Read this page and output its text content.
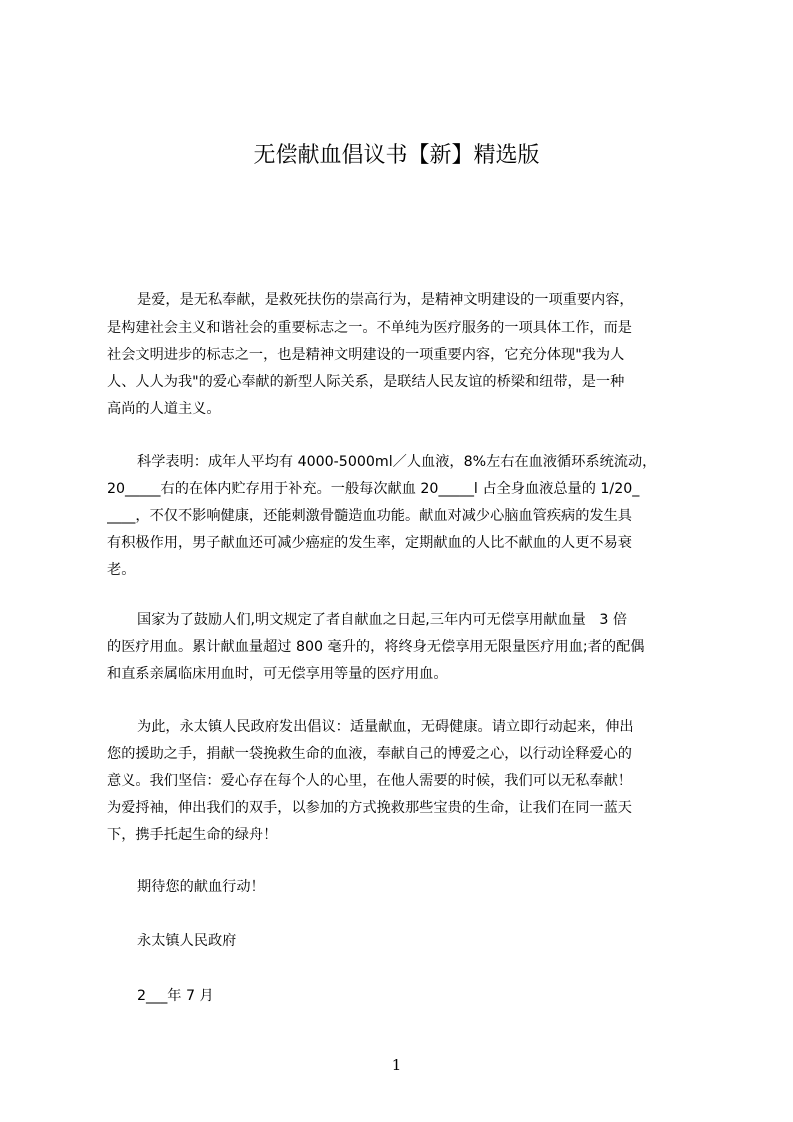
无偿献血倡议书【新】精选版
是爱，是无私奉献，是救死扶伤的崇高行为，是精神文明建设的一项重要内容，
是构建社会主义和谐社会的重要标志之一。不单纯为医疗服务的一项具体工作，而是
社会文明进步的标志之一，也是精神文明建设的一项重要内容，它充分体现"我为人
人、人人为我"的爱心奉献的新型人际关系，是联结人民友谊的桥梁和纽带，是一种
高尚的人道主义。
科学表明：成年人平均有 4000-5000ml／人血液，8%左右在血液循环系统流动，
20_____右的在体内贮存用于补充。一般每次献血 20_____l 占全身血液总量的 1/20_
____，不仅不影响健康，还能刺激骨髓造血功能。献血对减少心脑血管疾病的发生具
有积极作用，男子献血还可减少癌症的发生率，定期献血的人比不献血的人更不易衰
老。
国家为了鼓励人们,明文规定了者自献血之日起,三年内可无偿享用献血量   3 倍
的医疗用血。累计献血量超过 800 毫升的，将终身无偿享用无限量医疗用血;者的配偶
和直系亲属临床用血时，可无偿享用等量的医疗用血。
为此，永太镇人民政府发出倡议：适量献血，无碍健康。请立即行动起来，伸出
您的援助之手，捐献一袋挽救生命的血液，奉献自己的博爱之心，以行动诠释爱心的
意义。我们坚信：爱心存在每个人的心里，在他人需要的时候，我们可以无私奉献！
为爱捋袖，伸出我们的双手，以参加的方式挽救那些宝贵的生命，让我们在同一蓝天
下，携手托起生命的绿舟！
期待您的献血行动！
永太镇人民政府
2___年 7 月
1
